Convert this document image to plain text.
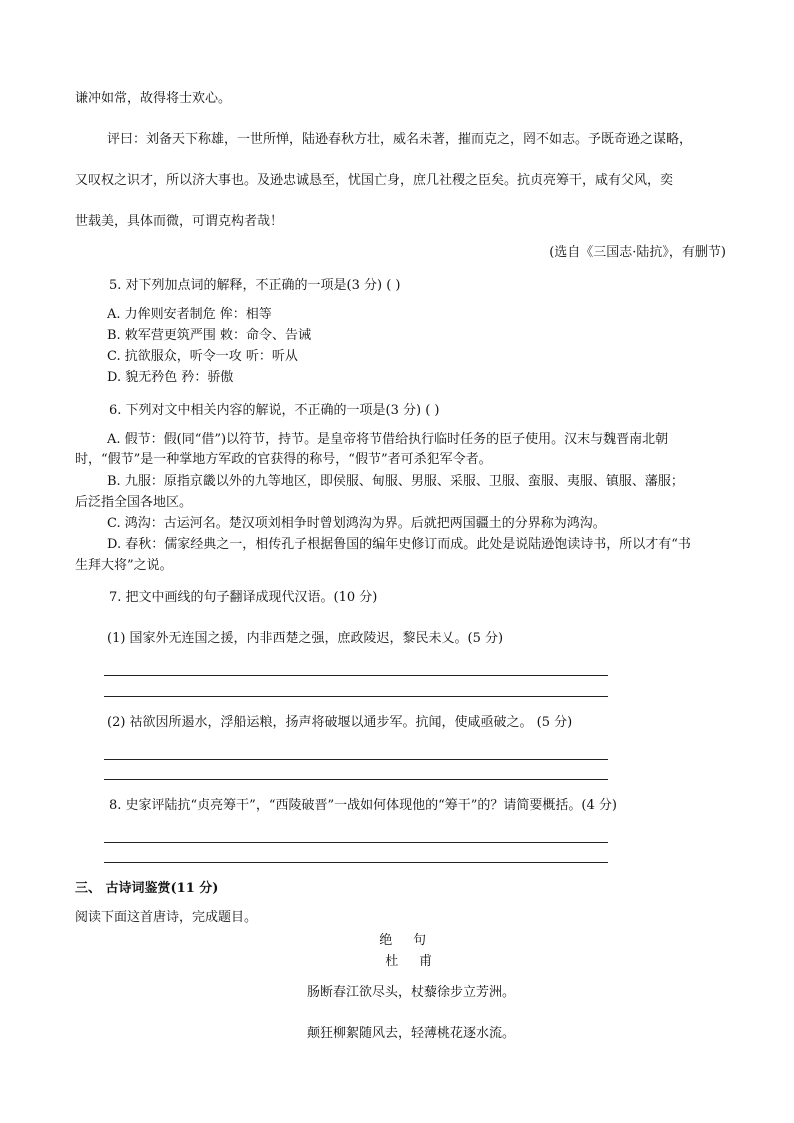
谦冲如常，故得将士欢心。
评曰：刘备天下称雄，一世所惮，陆逊春秋方壮，威名未著，摧而克之，罔不如志。予既奇逊之谋略，
又叹权之识才，所以济大事也。及逊忠诚恳至，忧国亡身，庶几社稷之臣矣。抗贞亮筹干，咸有父风，奕
世载美，具体而微，可谓克构者哉！
(选自《三国志·陆抗》，有删节)
5. 对下列加点词的解释，不正确的一项是(3 分) ( )
A. 力侔则安者制危 侔：相等
B. 敕军营更筑严围 敕：命令、告诫
C. 抗欲服众，听令一攻 听：听从
D. 貌无矜色 矜：骄傲
6. 下列对文中相关内容的解说，不正确的一项是(3 分) ( )
A. 假节：假(同“借”)以符节，持节。是皇帝将节借给执行临时任务的臣子使用。汉末与魏晋南北朝
时，“假节”是一种掌地方军政的官获得的称号，“假节”者可杀犯军令者。
B. 九服：原指京畿以外的九等地区，即侯服、甸服、男服、采服、卫服、蛮服、夷服、镇服、藩服；
后泛指全国各地区。
C. 鸿沟：古运河名。楚汉项刘相争时曾划鸿沟为界。后就把两国疆土的分界称为鸿沟。
D. 春秋：儒家经典之一，相传孔子根据鲁国的编年史修订而成。此处是说陆逊饱读诗书，所以才有“书
生拜大将”之说。
7. 把文中画线的句子翻译成现代汉语。(10 分)
(1) 国家外无连国之援，内非西楚之强，庶政陵迟，黎民未乂。(5 分)
(2) 祜欲因所遏水，浮船运粮，扬声将破堰以通步军。抗闻，使咸亟破之。 (5 分)
8. 史家评陆抗“贞亮筹干”，“西陵破晋”一战如何体现他的“筹干”的？请简要概括。(4 分)
三、 古诗词鉴赏(11 分)
阅读下面这首唐诗，完成题目。
绝句
杜甫
肠断春江欲尽头，杖藜徐步立芳洲。
颠狂柳絮随风去，轻薄桃花逐水流。
